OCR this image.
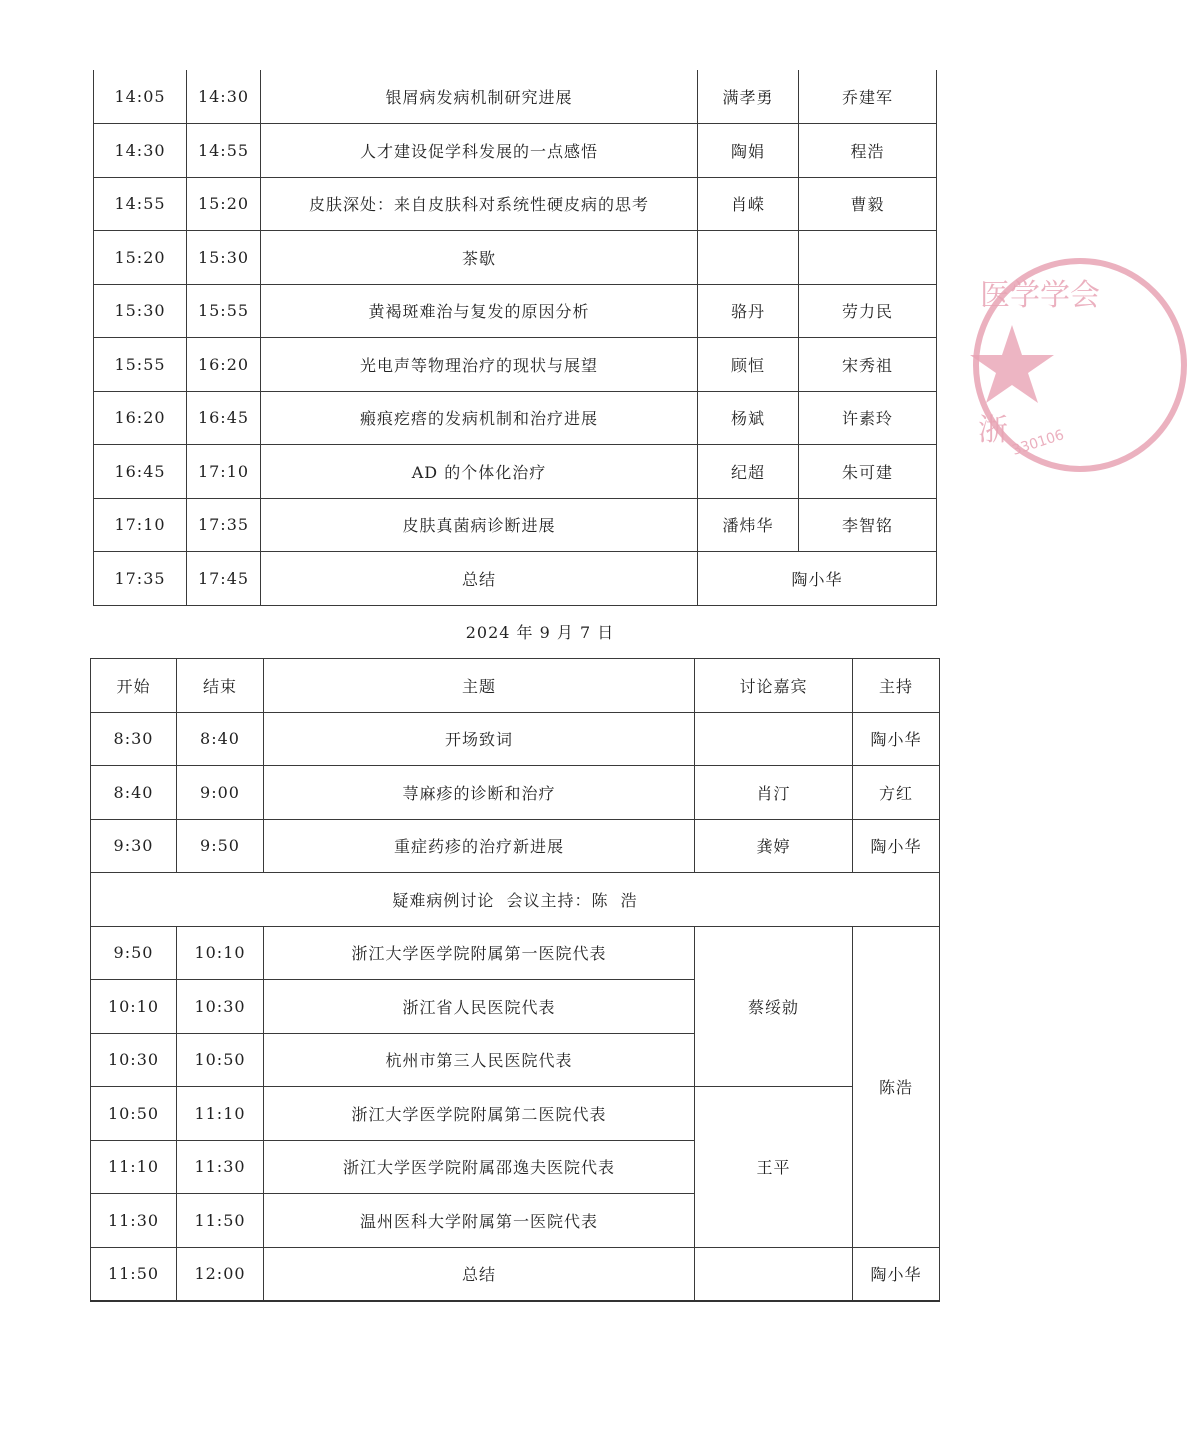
14:05	14:30	银屑病发病机制研究进展	满孝勇	乔建军
14:30	14:55	人才建设促学科发展的一点感悟	陶娟	程浩
14:55	15:20	皮肤深处：来自皮肤科对系统性硬皮病的思考	肖嵘	曹毅
15:20	15:30	茶歇		
15:30	15:55	黄褐斑难治与复发的原因分析	骆丹	劳力民
15:55	16:20	光电声等物理治疗的现状与展望	顾恒	宋秀祖
16:20	16:45	瘢痕疙瘩的发病机制和治疗进展	杨斌	许素玲
16:45	17:10	AD 的个体化治疗	纪超	朱可建
17:10	17:35	皮肤真菌病诊断进展	潘炜华	李智铭
17:35	17:45	总结	陶小华	
2024 年 9 月 7 日
开始	结束	主题	讨论嘉宾	主持
8:30	8:40	开场致词		陶小华
8:40	9:00	荨麻疹的诊断和治疗	肖汀	方红
9:30	9:50	重症药疹的治疗新进展	龚婷	陶小华
疑难病例讨论  会议主持：陈  浩				
9:50	10:10	浙江大学医学院附属第一医院代表	蔡绥勍	陈浩
10:10	10:30	浙江省人民医院代表		
10:30	10:50	杭州市第三人民医院代表		
10:50	11:10	浙江大学医学院附属第二医院代表	王平	
11:10	11:30	浙江大学医学院附属邵逸夫医院代表		
11:30	11:50	温州医科大学附属第一医院代表		
11:50	12:00	总结		陶小华
医学学会
浙 330106
